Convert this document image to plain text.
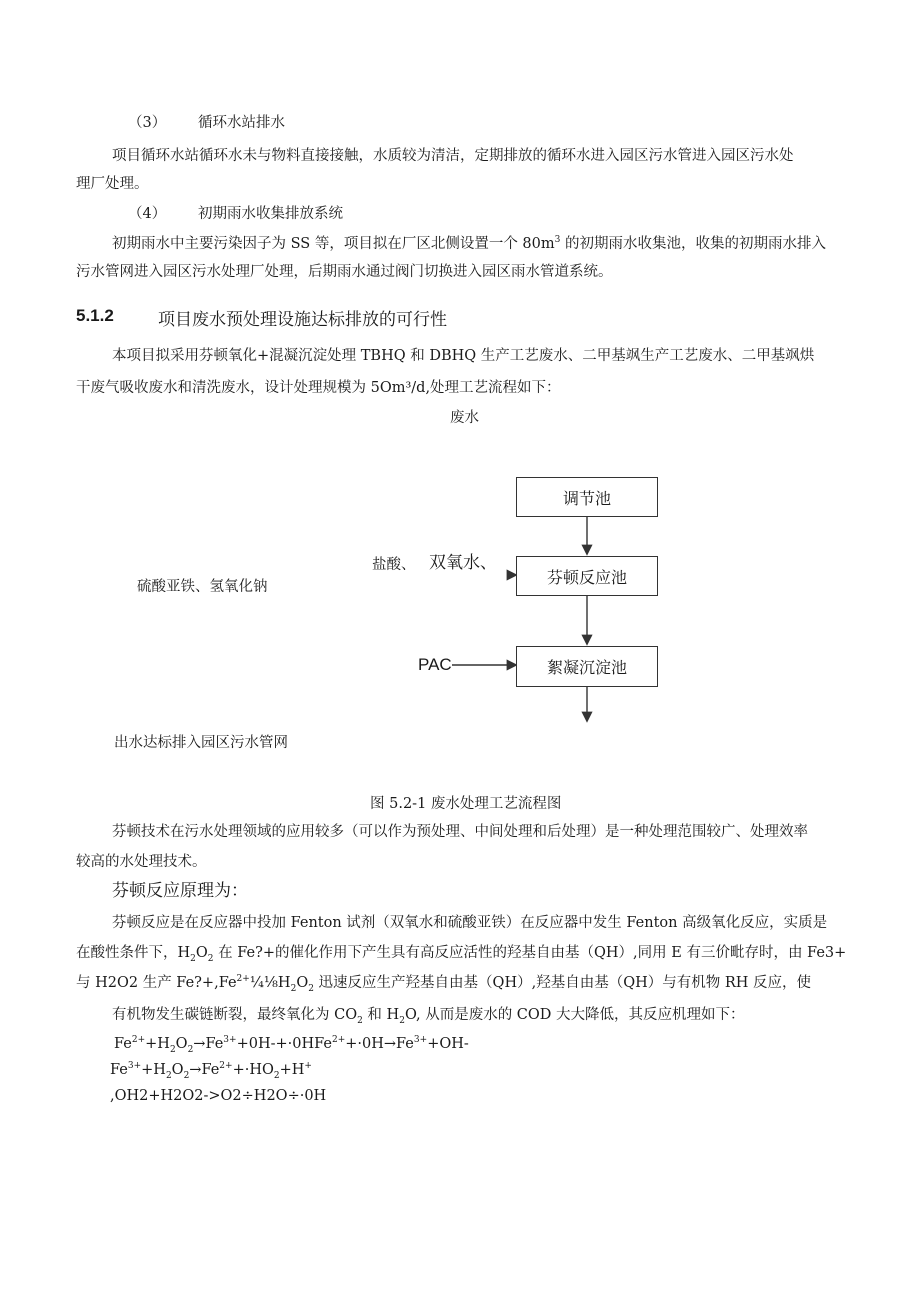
（3） 循环水站排水
项目循环水站循环水未与物料直接接触，水质较为清洁，定期排放的循环水进入园区污水管进入园区污水处
理厂处理。
（4） 初期雨水收集排放系统
初期雨水中主要污染因子为 SS 等，项目拟在厂区北侧设置一个 $80m^3$ 的初期雨水收集池，收集的初期雨水排入
污水管网进入园区污水处理厂处理，后期雨水通过阀门切换进入园区雨水管道系统。
5.1.2	项目废水预处理设施达标排放的可行性
本项目拟采用芬顿氧化+混凝沉淀处理 TBHQ 和 DBHQ 生产工艺废水、二甲基飒生产工艺废水、二甲基飒烘
干废气吸收废水和清洗废水，设计处理规模为 5Om³/d,处理工艺流程如下：
废水
调节池
芬顿反应池
絮凝沉淀池
盐酸、 双氧水、
硫酸亚铁、氢氧化钠
PAC
出水达标排入园区污水管网
图 5.2-1 废水处理工艺流程图
芬顿技术在污水处理领域的应用较多（可以作为预处理、中间处理和后处理）是一种处理范围较广、处理效率
较高的水处理技术。
芬顿反应原理为：
芬顿反应是在反应器中投加 Fenton 试剂（双氧水和硫酸亚铁）在反应器中发生 Fenton 高级氧化反应，实质是
在酸性条件下，$H_2O_2$ 在 Fe?+的催化作用下产生具有高反应活性的羟基自由基（QH）,同用 E 有三价毗存时，由 Fe3+
与 H2O2 生产 $Fe?+,Fe^{2+}\frac{1}{4}\frac{1}{8}H_2O_2$ 迅速反应生产羟基自由基（QH）,羟基自由基（QH）与有机物 RH 反应，使
有机物发生碳链断裂，最终氧化为 $CO_2$ 和 $H_2O$, 从而是废水的 COD 大大降低，其反应机理如下：
$Fe^{2+}+H_2O_2\to Fe^{3+}+0H-+\cdot 0HFe^{2+}+\cdot 0H\to Fe^{3+}+OH-$
$Fe^{3+}+H_2O_2\to Fe^{2+}+\cdot HO_2+H^+$
,OH2+H2O2->O2÷H2O÷·0H
